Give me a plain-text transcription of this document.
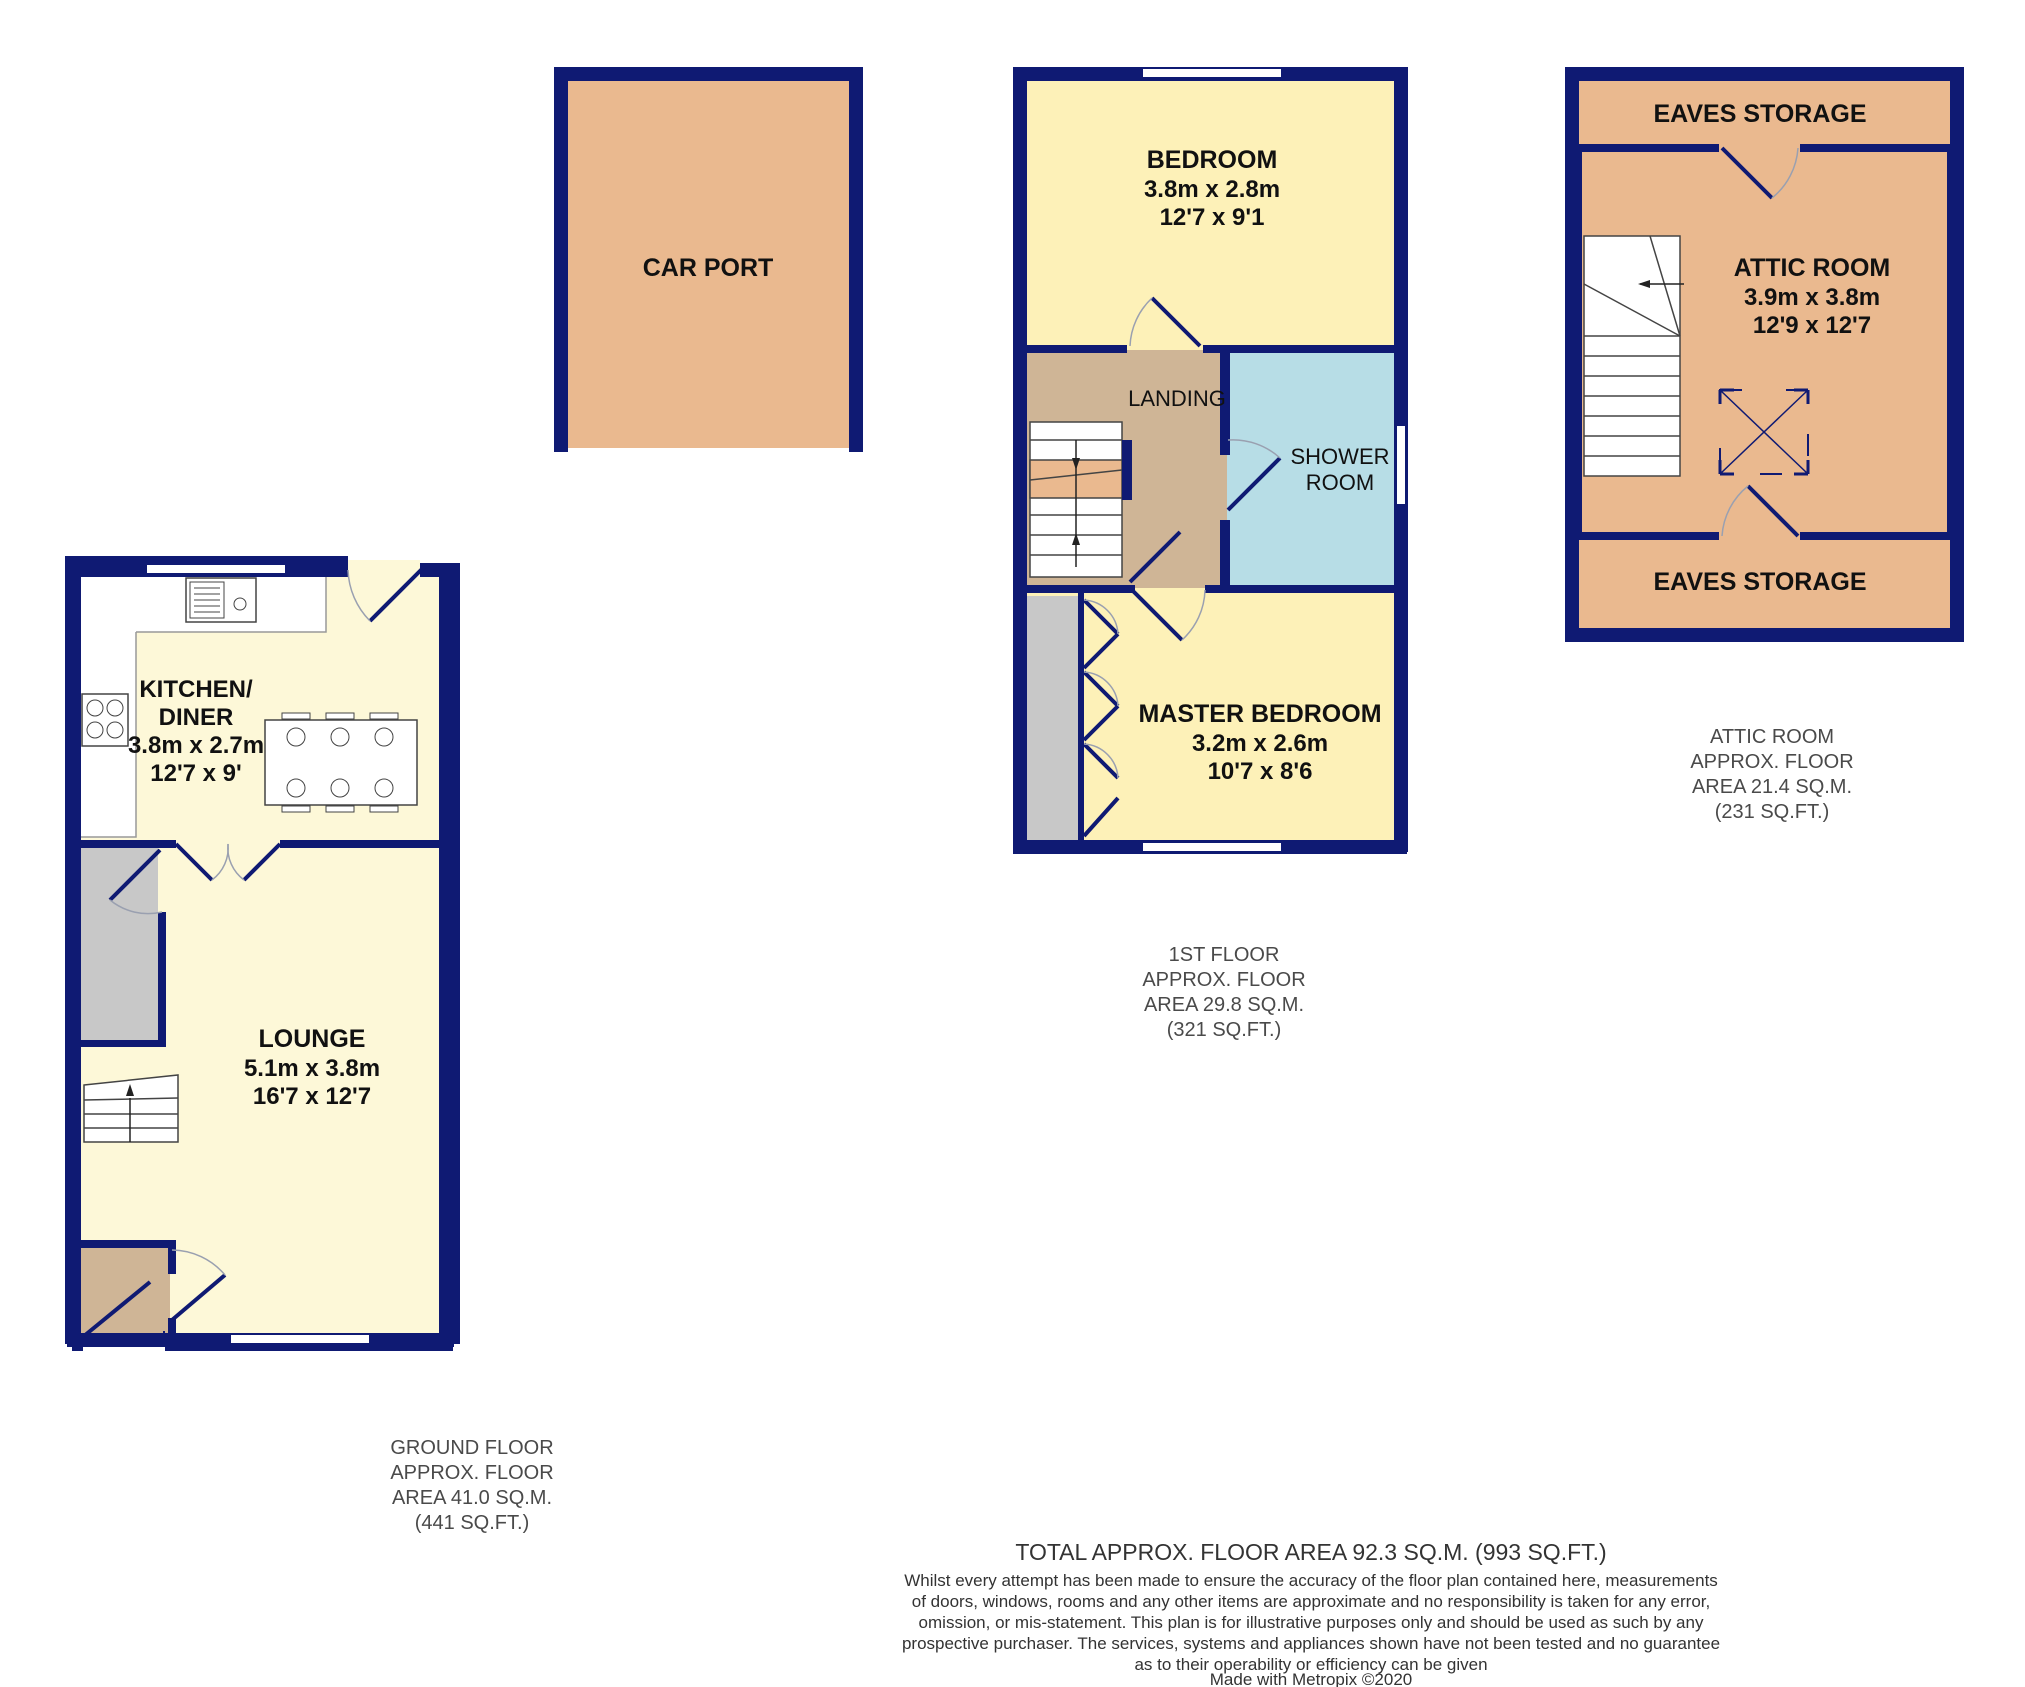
CAR PORT
KITCHEN/
DINER
3.8m x 2.7m
12'7 x 9'
LOUNGE
5.1m x 3.8m
16'7 x 12'7
GROUND FLOOR
APPROX. FLOOR
AREA 41.0 SQ.M.
(441 SQ.FT.)
BEDROOM
3.8m x 2.8m
12'7 x 9'1
LANDING
SHOWER
ROOM
MASTER BEDROOM
3.2m x 2.6m
10'7 x 8'6
1ST FLOOR
APPROX. FLOOR
AREA 29.8 SQ.M.
(321 SQ.FT.)
EAVES STORAGE
ATTIC ROOM
3.9m x 3.8m
12'9 x 12'7
EAVES STORAGE
ATTIC ROOM
APPROX. FLOOR
AREA 21.4 SQ.M.
(231 SQ.FT.)
TOTAL APPROX. FLOOR AREA 92.3 SQ.M. (993 SQ.FT.)
Whilst every attempt has been made to ensure the accuracy of the floor plan contained here, measurements
of doors, windows, rooms and any other items are approximate and no responsibility is taken for any error,
omission, or mis-statement. This plan is for illustrative purposes only and should be used as such by any
prospective purchaser. The services, systems and appliances shown have not been tested and no guarantee
as to their operability or efficiency can be given
Made with Metropix ©2020
